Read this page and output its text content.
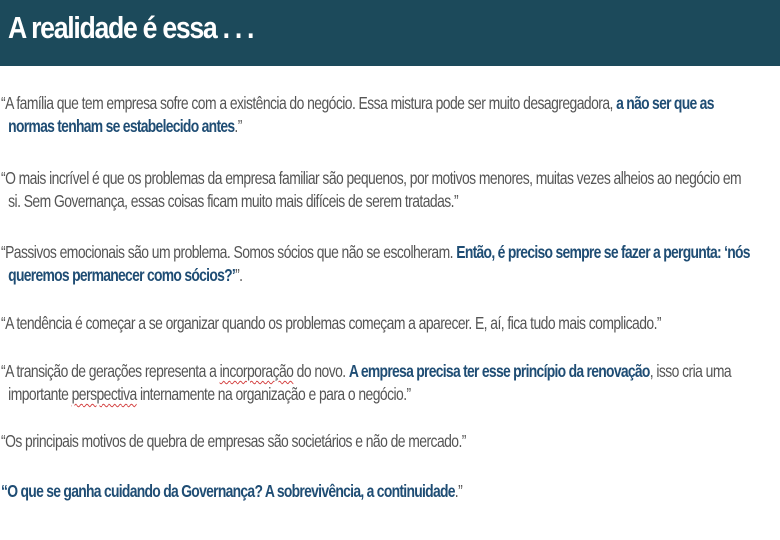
A realidade é essa . . .
“A família que tem empresa sofre com a existência do negócio. Essa mistura pode ser muito desagregadora, a não ser que as
normas tenham se estabelecido antes.”
“O mais incrível é que os problemas da empresa familiar são pequenos, por motivos menores, muitas vezes alheios ao negócio em
si. Sem Governança, essas coisas ficam muito mais difíceis de serem tratadas.”
“Passivos emocionais são um problema. Somos sócios que não se escolheram. Então, é preciso sempre se fazer a pergunta: ‘nós
queremos permanecer como sócios?’”.
“A tendência é começar a se organizar quando os problemas começam a aparecer. E, aí, fica tudo mais complicado.”
“A transição de gerações representa a incorporação do novo. A empresa precisa ter esse princípio da renovação, isso cria uma
importante perspectiva internamente na organização e para o negócio.”
“Os principais motivos de quebra de empresas são societários e não de mercado.”
“O que se ganha cuidando da Governança? A sobrevivência, a continuidade.”
